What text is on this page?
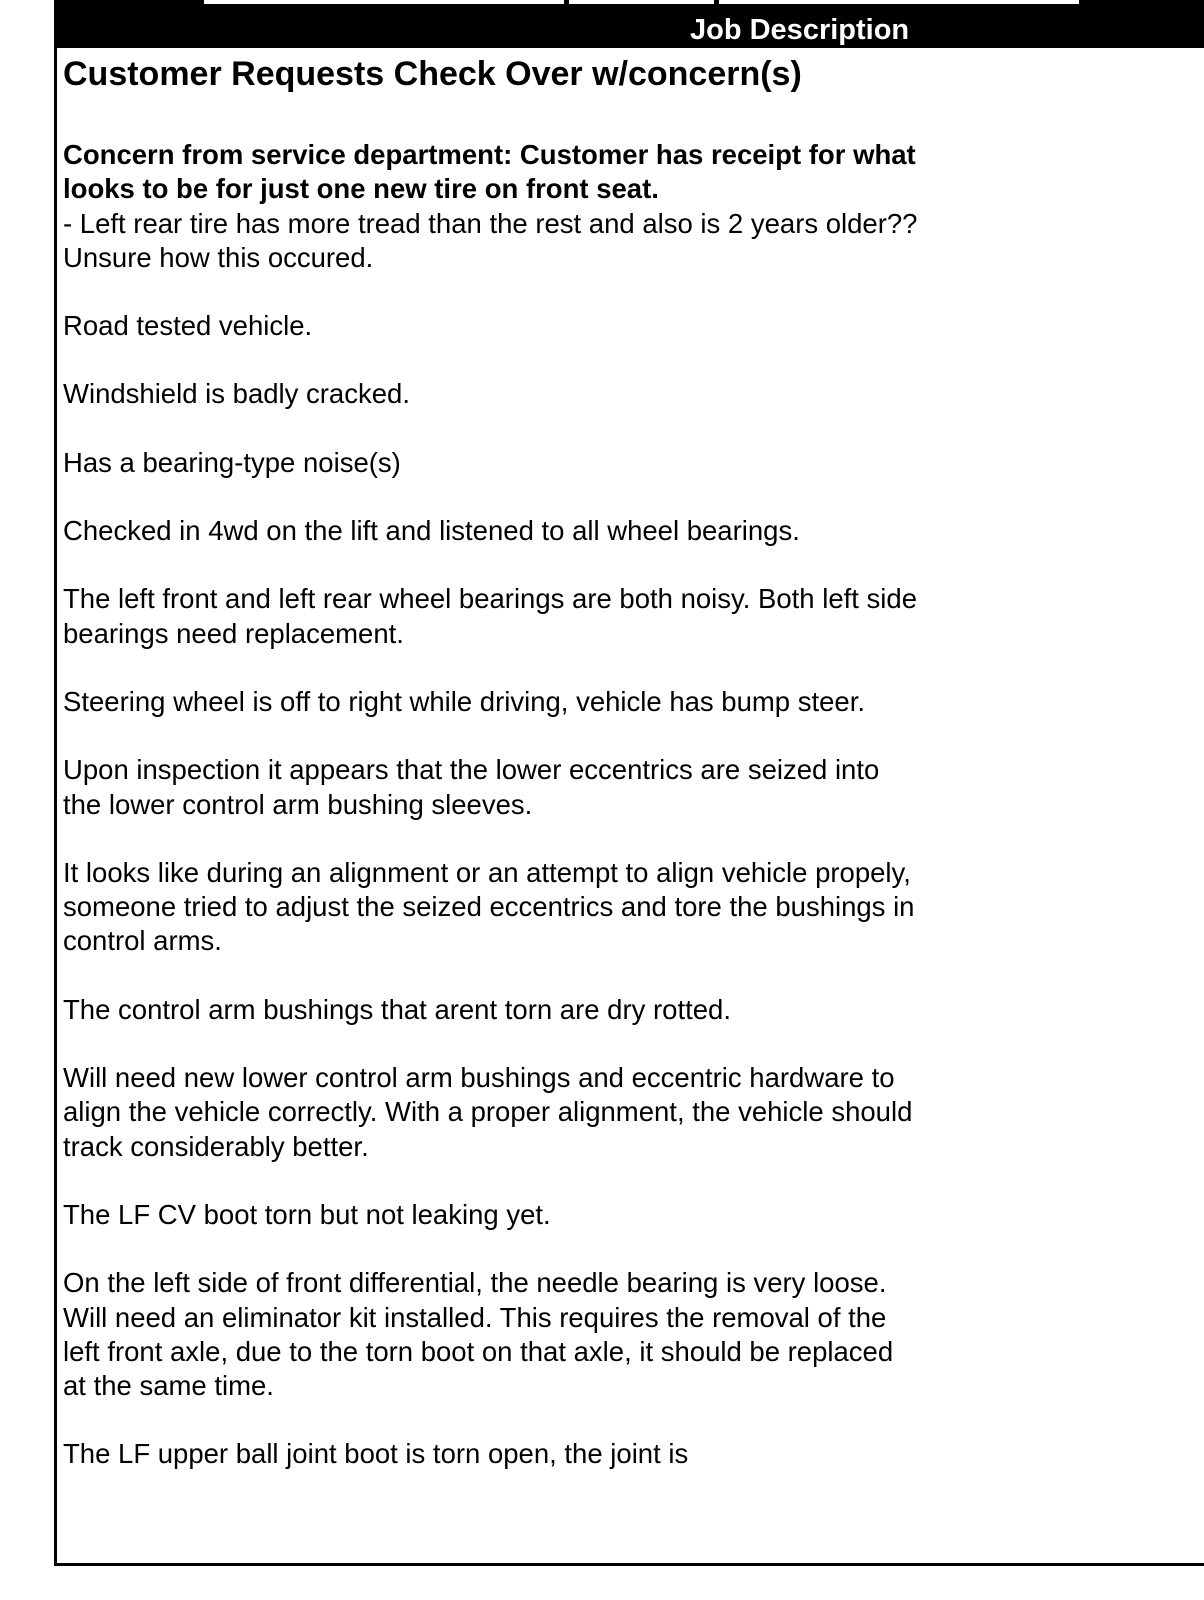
Job Description
Customer Requests Check Over w/concern(s)

Concern from service department: Customer has receipt for what looks to be for just one new tire on front seat.

- Left rear tire has more tread than the rest and also is 2 years older?? Unsure how this occured.

Road tested vehicle.

Windshield is badly cracked.

Has a bearing-type noise(s)

Checked in 4wd on the lift and listened to all wheel bearings.

The left front and left rear wheel bearings are both noisy. Both left side bearings need replacement.

Steering wheel is off to right while driving, vehicle has bump steer.

Upon inspection it appears that the lower eccentrics are seized into the lower control arm bushing sleeves.

It looks like during an alignment or an attempt to align vehicle propely, someone tried to adjust the seized eccentrics and tore the bushings in control arms.

The control arm bushings that arent torn are dry rotted.

Will need new lower control arm bushings and eccentric hardware to align the vehicle correctly. With a proper alignment, the vehicle should track considerably better.

The LF CV boot torn but not leaking yet.

On the left side of front differential, the needle bearing is very loose. Will need an eliminator kit installed. This requires the removal of the left front axle, due to the torn boot on that axle, it should be replaced at the same time.

The LF upper ball joint boot is torn open, the joint is
